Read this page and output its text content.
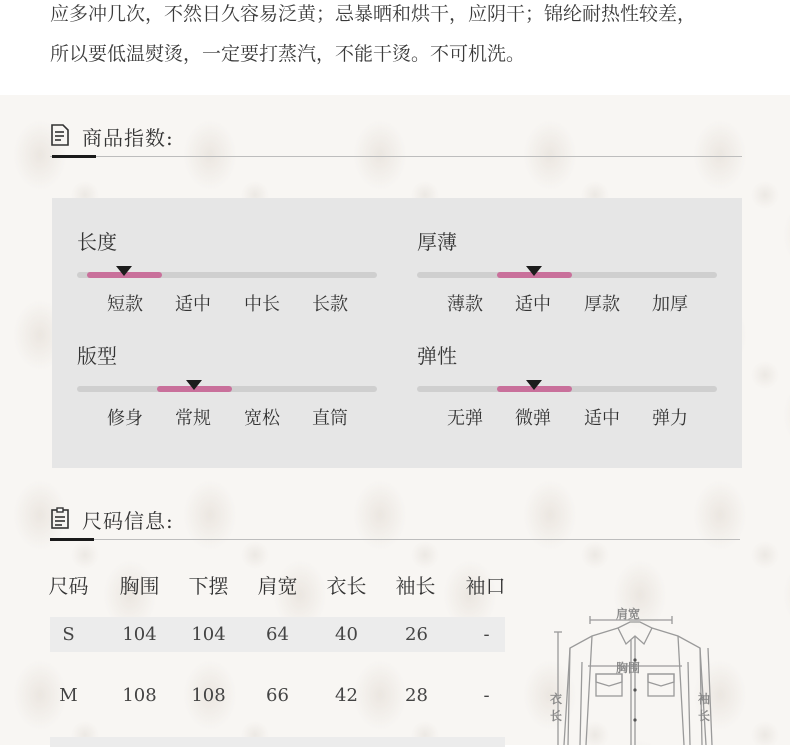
应多冲几次，不然日久容易泛黄；忌暴晒和烘干，应阴干；锦纶耐热性较差，

所以要低温熨烫，一定要打蒸汽，不能干烫。不可机洗。

商品指数:
长度
短款	适中	中长	长款
厚薄
薄款	适中	厚款	加厚
版型
修身	常规	宽松	直筒
弹性
无弹	微弹	适中	弹力
尺码信息:
尺码	胸围	下摆	肩宽	衣长	袖长	袖口
S	104	104	64	40	26	-
M	108	108	66	42	28	-
肩宽
胸围
衣
长
袖
长
